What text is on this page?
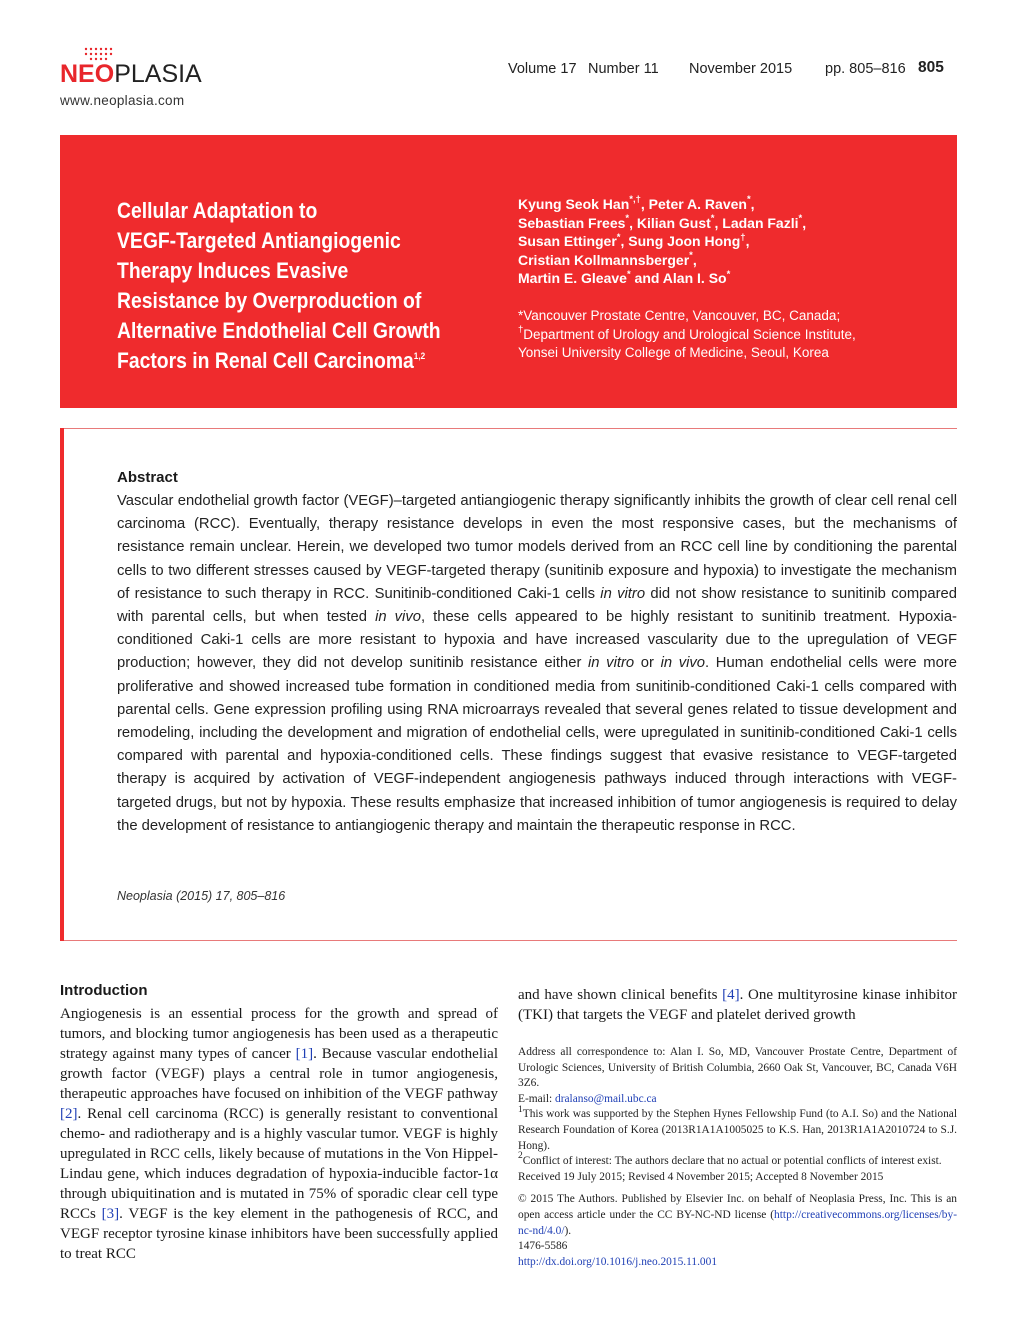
NEOPLASIA
www.neoplasia.com
Volume 17 Number 11 November 2015 pp. 805–816 805
Cellular Adaptation to
VEGF-Targeted Antiangiogenic
Therapy Induces Evasive
Resistance by Overproduction of
Alternative Endothelial Cell Growth
Factors in Renal Cell Carcinoma$^{1,2}$
Kyung Seok Han*,†, Peter A. Raven*,
Sebastian Frees*, Kilian Gust*, Ladan Fazli*,
Susan Ettinger*, Sung Joon Hong†,
Cristian Kollmannsberger*,
Martin E. Gleave* and Alan I. So*
*Vancouver Prostate Centre, Vancouver, BC, Canada;
†Department of Urology and Urological Science Institute,
Yonsei University College of Medicine, Seoul, Korea
Abstract
Vascular endothelial growth factor (VEGF)–targeted antiangiogenic therapy significantly inhibits the growth of clear cell renal cell carcinoma (RCC). Eventually, therapy resistance develops in even the most responsive cases, but the mechanisms of resistance remain unclear. Herein, we developed two tumor models derived from an RCC cell line by conditioning the parental cells to two different stresses caused by VEGF-targeted therapy (sunitinib exposure and hypoxia) to investigate the mechanism of resistance to such therapy in RCC. Sunitinib-conditioned Caki-1 cells in vitro did not show resistance to sunitinib compared with parental cells, but when tested in vivo, these cells appeared to be highly resistant to sunitinib treatment. Hypoxia-conditioned Caki-1 cells are more resistant to hypoxia and have increased vascularity due to the upregulation of VEGF production; however, they did not develop sunitinib resistance either in vitro or in vivo. Human endothelial cells were more proliferative and showed increased tube formation in conditioned media from sunitinib-conditioned Caki-1 cells compared with parental cells. Gene expression profiling using RNA microarrays revealed that several genes related to tissue development and remodeling, including the development and migration of endothelial cells, were upregulated in sunitinib-conditioned Caki-1 cells compared with parental and hypoxia-conditioned cells. These findings suggest that evasive resistance to VEGF-targeted therapy is acquired by activation of VEGF-independent angiogenesis pathways induced through interactions with VEGF-targeted drugs, but not by hypoxia. These results emphasize that increased inhibition of tumor angiogenesis is required to delay the development of resistance to antiangiogenic therapy and maintain the therapeutic response in RCC.
Neoplasia (2015) 17, 805–816
Introduction
Angiogenesis is an essential process for the growth and spread of tumors, and blocking tumor angiogenesis has been used as a therapeutic strategy against many types of cancer [1]. Because vascular endothelial growth factor (VEGF) plays a central role in tumor angiogenesis, therapeutic approaches have focused on inhibition of the VEGF pathway [2]. Renal cell carcinoma (RCC) is generally resistant to conventional chemo- and radiotherapy and is a highly vascular tumor. VEGF is highly upregulated in RCC cells, likely because of mutations in the Von Hippel-Lindau gene, which induces degradation of hypoxia-inducible factor-1α through ubiquitination and is mutated in 75% of sporadic clear cell type RCCs [3]. VEGF is the key element in the pathogenesis of RCC, and VEGF receptor tyrosine kinase inhibitors have been successfully applied to treat RCC
and have shown clinical benefits [4]. One multityrosine kinase inhibitor (TKI) that targets the VEGF and platelet derived growth

Address all correspondence to: Alan I. So, MD, Vancouver Prostate Centre, Department of Urologic Sciences, University of British Columbia, 2660 Oak St, Vancouver, BC, Canada V6H 3Z6.

E-mail: dralanso@mail.ubc.ca

$^1$This work was supported by the Stephen Hynes Fellowship Fund (to A.I. So) and the National Research Foundation of Korea (2013R1A1A1005025 to K.S. Han, 2013R1A1A2010724 to S.J. Hong).

$^2$Conflict of interest: The authors declare that no actual or potential conflicts of interest exist.

Received 19 July 2015; Revised 4 November 2015; Accepted 8 November 2015

© 2015 The Authors. Published by Elsevier Inc. on behalf of Neoplasia Press, Inc. This is an open access article under the CC BY-NC-ND license (http://creativecommons.org/licenses/by-nc-nd/4.0/).

1476-5586

http://dx.doi.org/10.1016/j.neo.2015.11.001
